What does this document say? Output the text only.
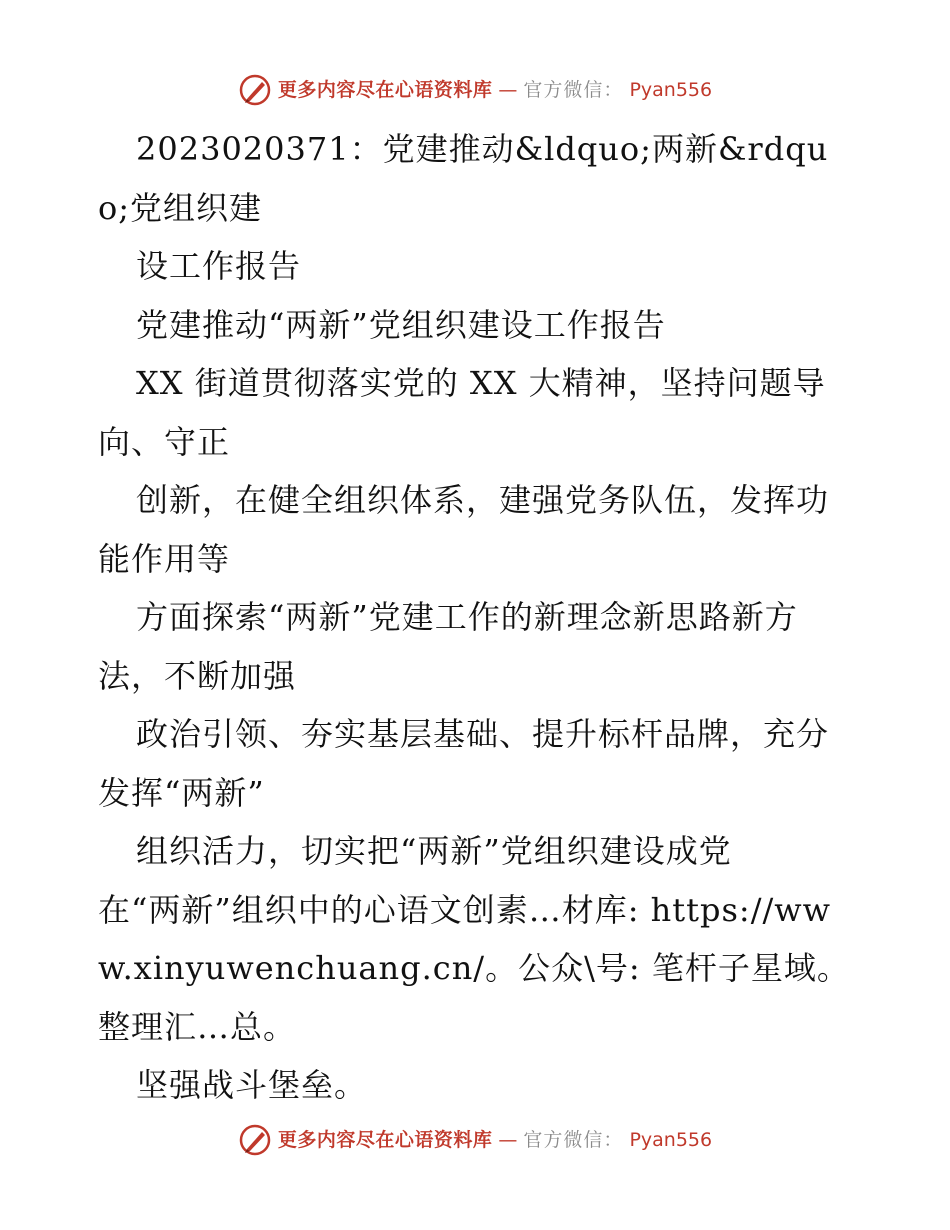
更多内容尽在心语资料库 — 官方微信： Pyan556

2023020371：党建推动&ldquo;两新&rdquo;党组织建

设工作报告

党建推动“两新”党组织建设工作报告

XX 街道贯彻落实党的 XX 大精神，坚持问题导向、守正

创新，在健全组织体系，建强党务队伍，发挥功能作用等

方面探索“两新”党建工作的新理念新思路新方法，不断加强

政治引领、夯实基层基础、提升标杆品牌，充分发挥“两新”

组织活力，切实把“两新”党组织建设成党

在“两新”组织中的心语文创素…材库: https://www.xinyuwenchuang.cn/。公众\号: 笔杆子星域。整理汇…总。

坚强战斗堡垒。

更多内容尽在心语资料库 — 官方微信： Pyan556
